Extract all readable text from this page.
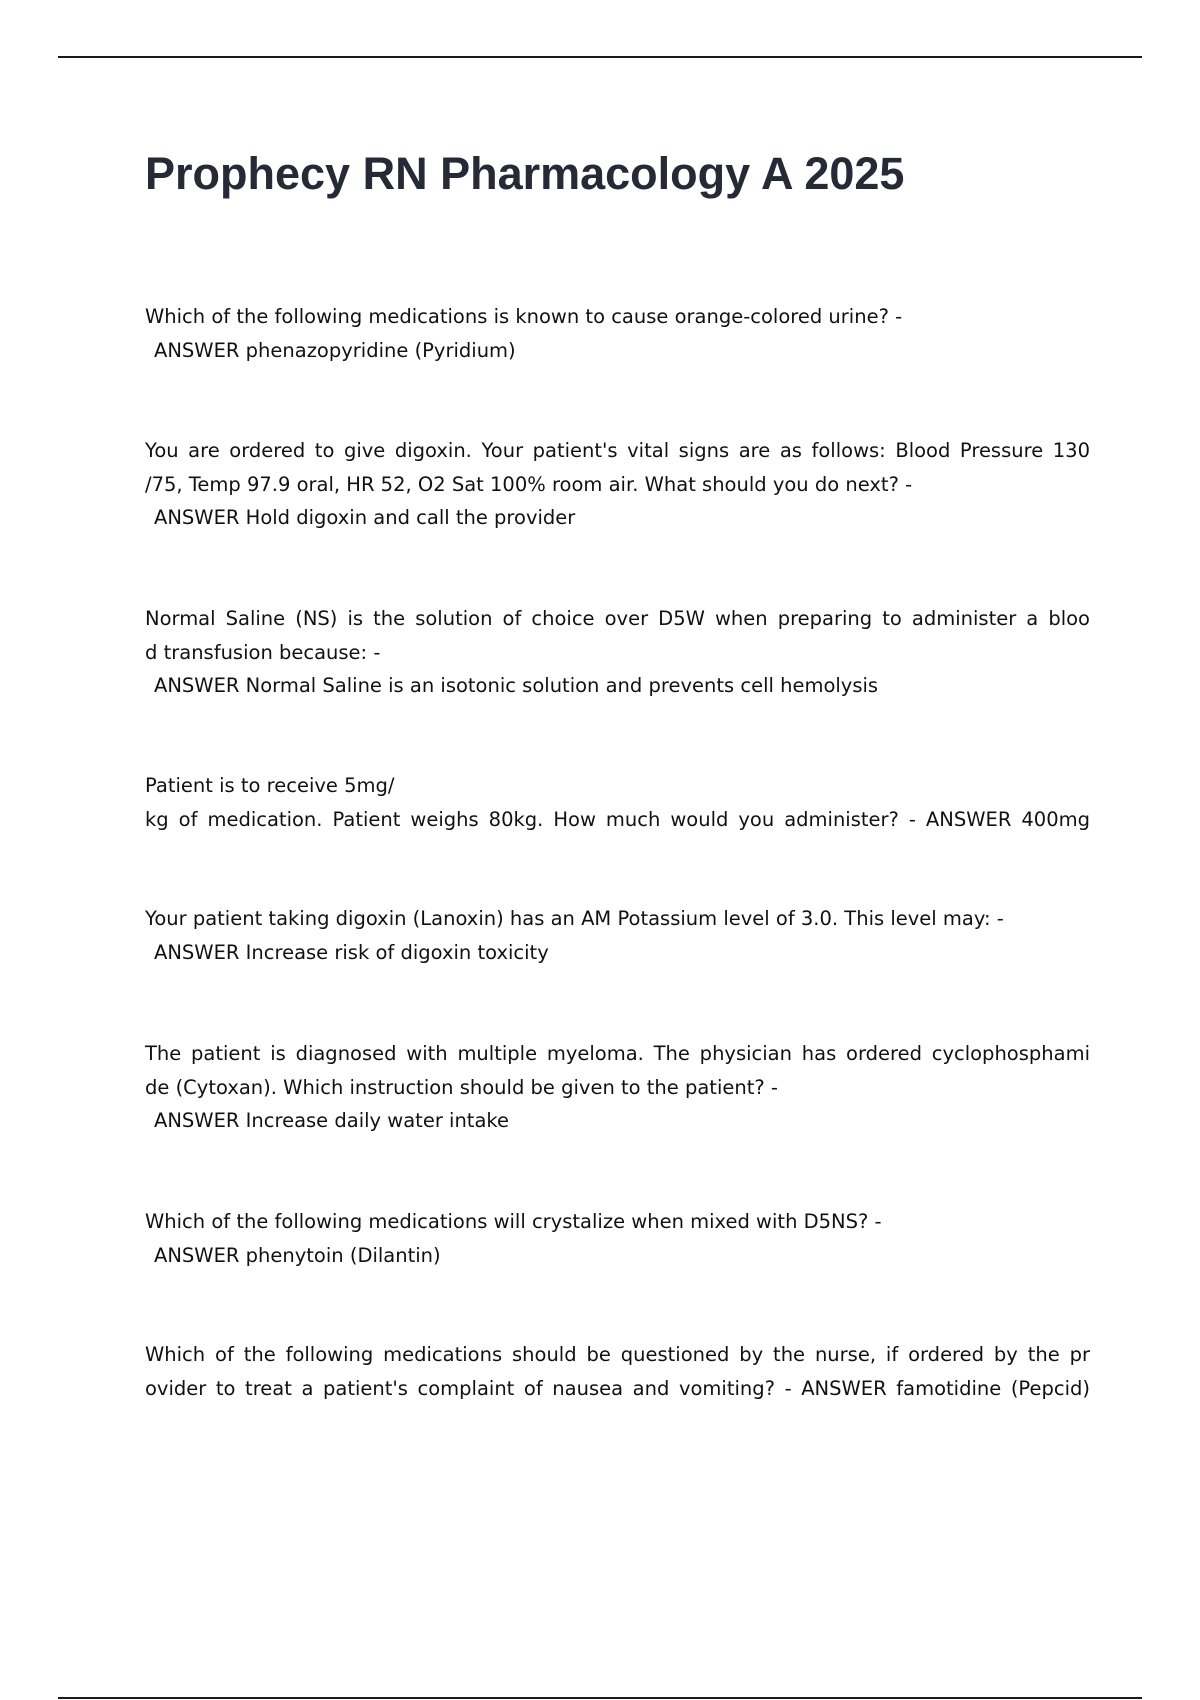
Prophecy RN Pharmacology A 2025
Which of the following medications is known to cause orange-colored urine? -
ANSWER phenazopyridine (Pyridium)
You are ordered to give digoxin. Your patient's vital signs are as follows: Blood Pressure 130
/75, Temp 97.9 oral, HR 52, O2 Sat 100% room air. What should you do next? -
ANSWER Hold digoxin and call the provider
Normal Saline (NS) is the solution of choice over D5W when preparing to administer a bloo
d transfusion because: -
ANSWER Normal Saline is an isotonic solution and prevents cell hemolysis
Patient is to receive 5mg/
kg of medication. Patient weighs 80kg. How much would you administer? - ANSWER 400mg
Your patient taking digoxin (Lanoxin) has an AM Potassium level of 3.0. This level may: -
ANSWER Increase risk of digoxin toxicity
The patient is diagnosed with multiple myeloma. The physician has ordered cyclophosphami
de (Cytoxan). Which instruction should be given to the patient? -
ANSWER Increase daily water intake
Which of the following medications will crystalize when mixed with D5NS? -
ANSWER phenytoin (Dilantin)
Which of the following medications should be questioned by the nurse, if ordered by the pr
ovider to treat a patient's complaint of nausea and vomiting? - ANSWER famotidine (Pepcid)
